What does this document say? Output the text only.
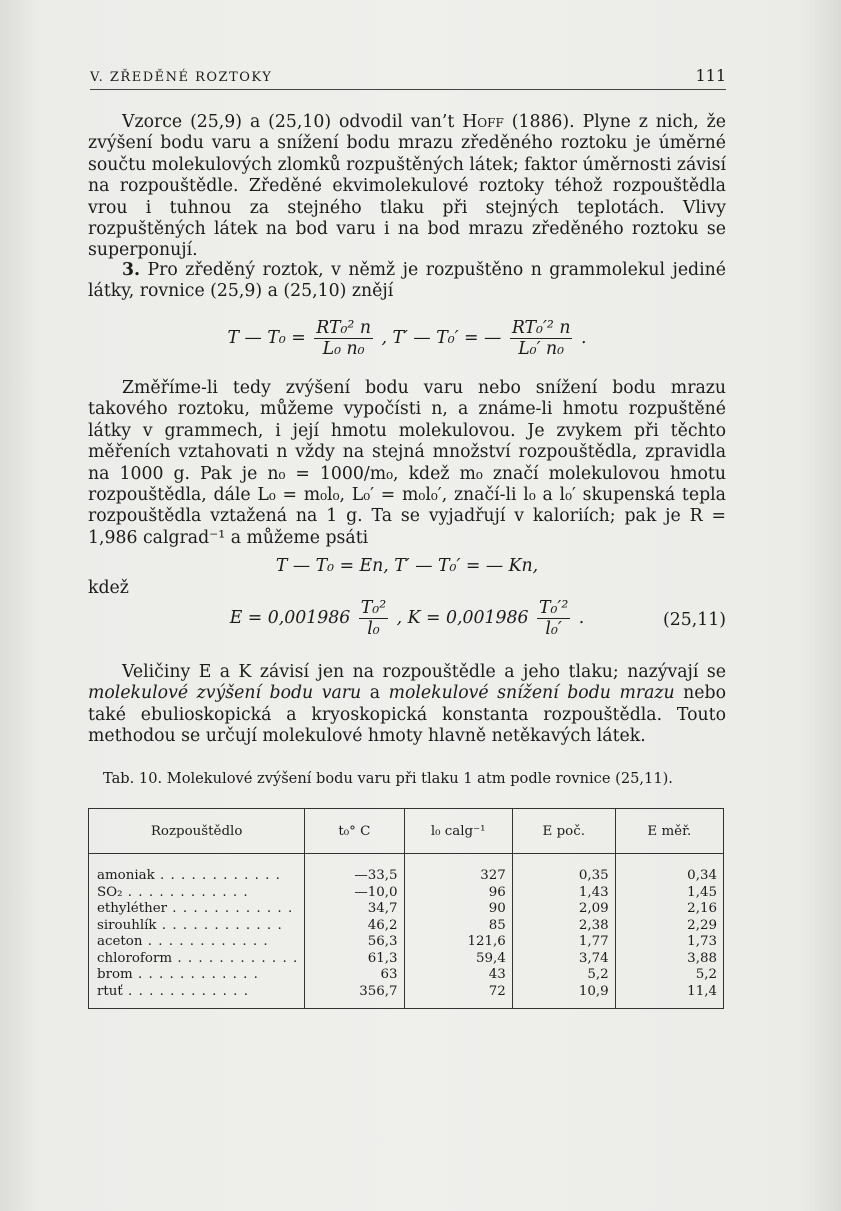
V. ZŘEDĚNÉ ROZTOKY	111

Vzorce (25,9) a (25,10) odvodil van’t Hoff (1886). Plyne z nich, že zvýšení bodu varu a snížení bodu mrazu zředěného roztoku je úměrné součtu molekulových zlomků rozpuštěných látek; faktor úměrnosti závisí na rozpouštědle. Zředěné ekvimolekulové roztoky téhož rozpouštědla vrou i tuhnou za stejného tlaku při stejných teplotách. Vlivy rozpuštěných látek na bod varu i na bod mrazu zředěného roztoku se superponují.

3. Pro zředěný roztok, v němž je rozpuštěno n grammolekul jediné látky, rovnice (25,9) a (25,10) znějí

T — $T_0 = \frac{\text{RT₀² n}}{\text{L₀ n₀}}$ , T′ — T₀′ = — $\frac{\text{RT₀′² n}}{\text{L₀′ n₀}}$ .

Změříme-li tedy zvýšení bodu varu nebo snížení bodu mrazu takového roztoku, můžeme vypočísti n, a známe-li hmotu rozpuštěné látky v grammech, i její hmotu molekulovou. Je zvykem při těchto měřeních vztahovati n vždy na stejná množství rozpouštědla, zpravidla na 1000 g. Pak je n₀ = 1000/m₀, kdež m₀ značí molekulovou hmotu rozpouštědla, dále L₀ = m₀l₀, L₀′ = m₀l₀′, značí-li l₀ a l₀′ skupenská tepla rozpouštědla vztažená na 1 g. Ta se vyjadřují v kaloriích; pak je R = 1,986 calgrad⁻¹ a můžeme psáti

T — T₀ = En, T′ — T₀′ = — Kn,
kdež
$E = 0,001986 \frac{\text{T₀²}}{\text{l₀}}$ , $K = 0,001986 \frac{\text{T₀′²}}{\text{l₀′}}$ .	(25,11)

Veličiny E a K závisí jen na rozpouštědle a jeho tlaku; nazývají se molekulové zvýšení bodu varu a molekulové snížení bodu mrazu nebo také ebulioskopická a kryoskopická konstanta rozpouštědla. Touto methodou se určují molekulové hmoty hlavně netěkavých látek.

Tab. 10. Molekulové zvýšení bodu varu při tlaku 1 atm podle rovnice (25,11).
Rozpouštědlo	t₀° C	l₀ calg⁻¹	E poč.	E měř.
amoniak . . .	—33,5	327	0,35	0,34
SO₂ . . .	—10,0	96	1,43	1,45
ethyléther . . .	34,7	90	2,09	2,16
sirouhlík . . .	46,2	85	2,38	2,29
aceton . . .	56,3	121,6	1,77	1,73
chloroform . . .	61,3	59,4	3,74	3,88
brom . . .	63	43	5,2	5,2
rtuť . . .	356,7	72	10,9	11,4
